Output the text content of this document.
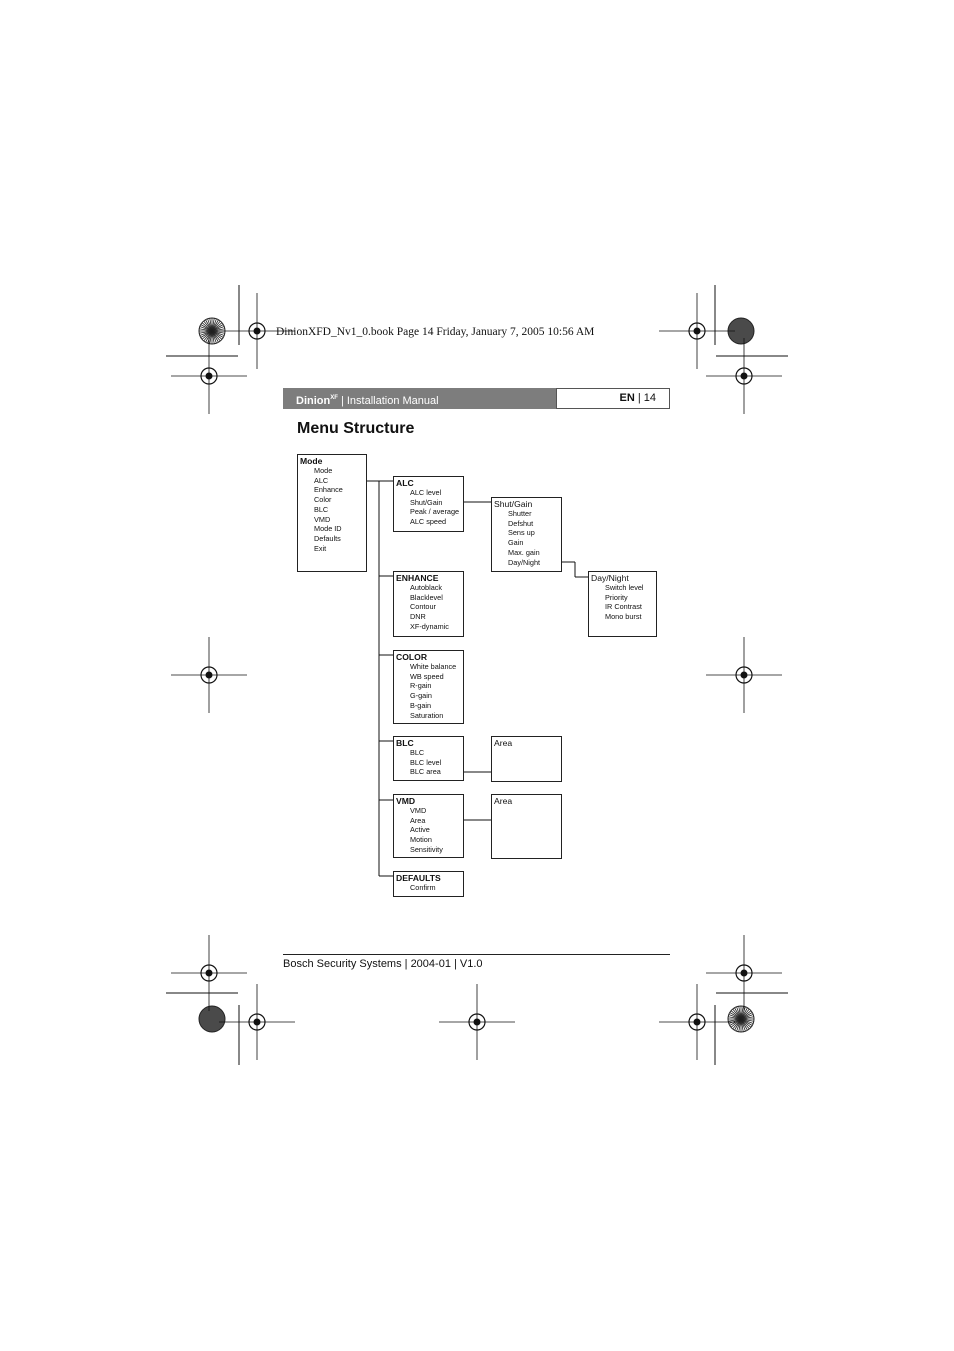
DinionXFD_Nv1_0.book Page 14 Friday, January 7, 2005 10:56 AM
Dinion$^{XF}$ | Installation Manual	EN | 14
Menu Structure
Mode
Mode
ALC
Enhance
Color
BLC
VMD
Mode ID
Defaults
Exit
ALC
ALC level
Shut/Gain
Peak / average
ALC speed
Shut/Gain
Shutter
Defshut
Sens up
Gain
Max. gain
Day/Night
Day/Night
Switch level
Priority
IR Contrast
Mono burst
ENHANCE
Autoblack
Blacklevel
Contour
DNR
XF-dynamic
COLOR
White balance
WB speed
R-gain
G-gain
B-gain
Saturation
BLC
BLC
BLC level
BLC area
Area
VMD
VMD
Area
Active
Motion
Sensitivity
Area
DEFAULTS
Confirm
Bosch Security Systems | 2004-01 | V1.0
